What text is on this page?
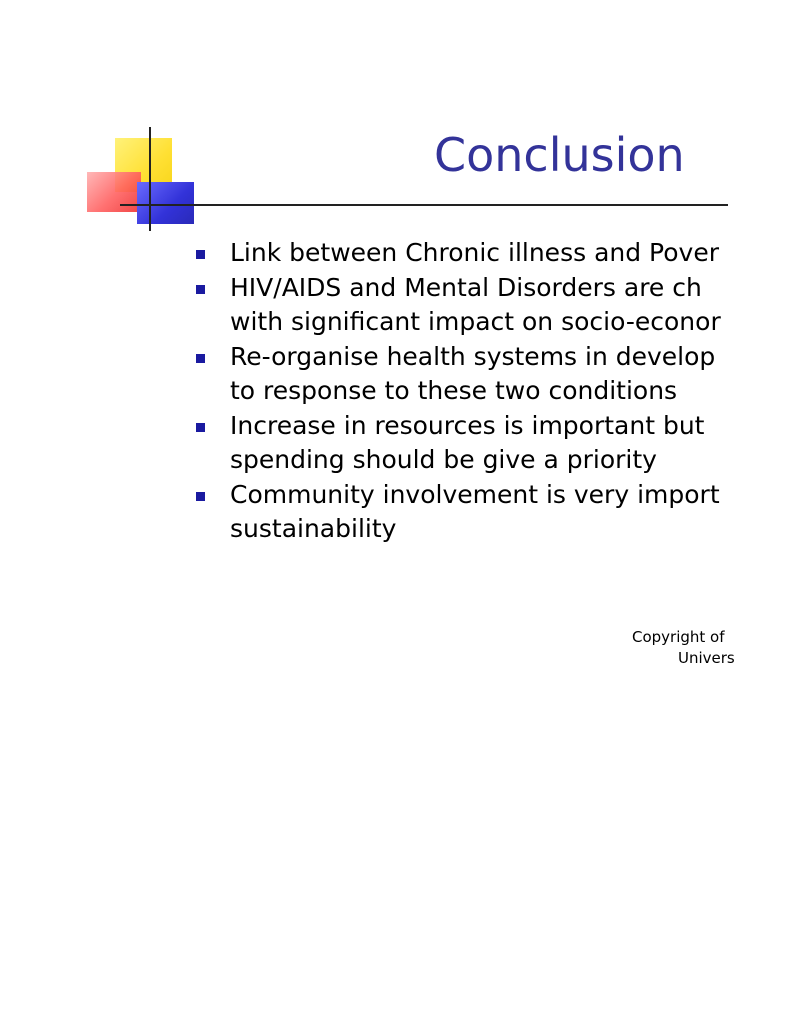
Conclusion
Link between Chronic illness and Pover
HIV/AIDS and Mental Disorders are ch
with significant impact on socio-econor
Re-organise health systems in develop
to response to these two conditions
Increase in resources is important but
spending should be give a priority
Community involvement is very import
sustainability
Copyright of
Univers
